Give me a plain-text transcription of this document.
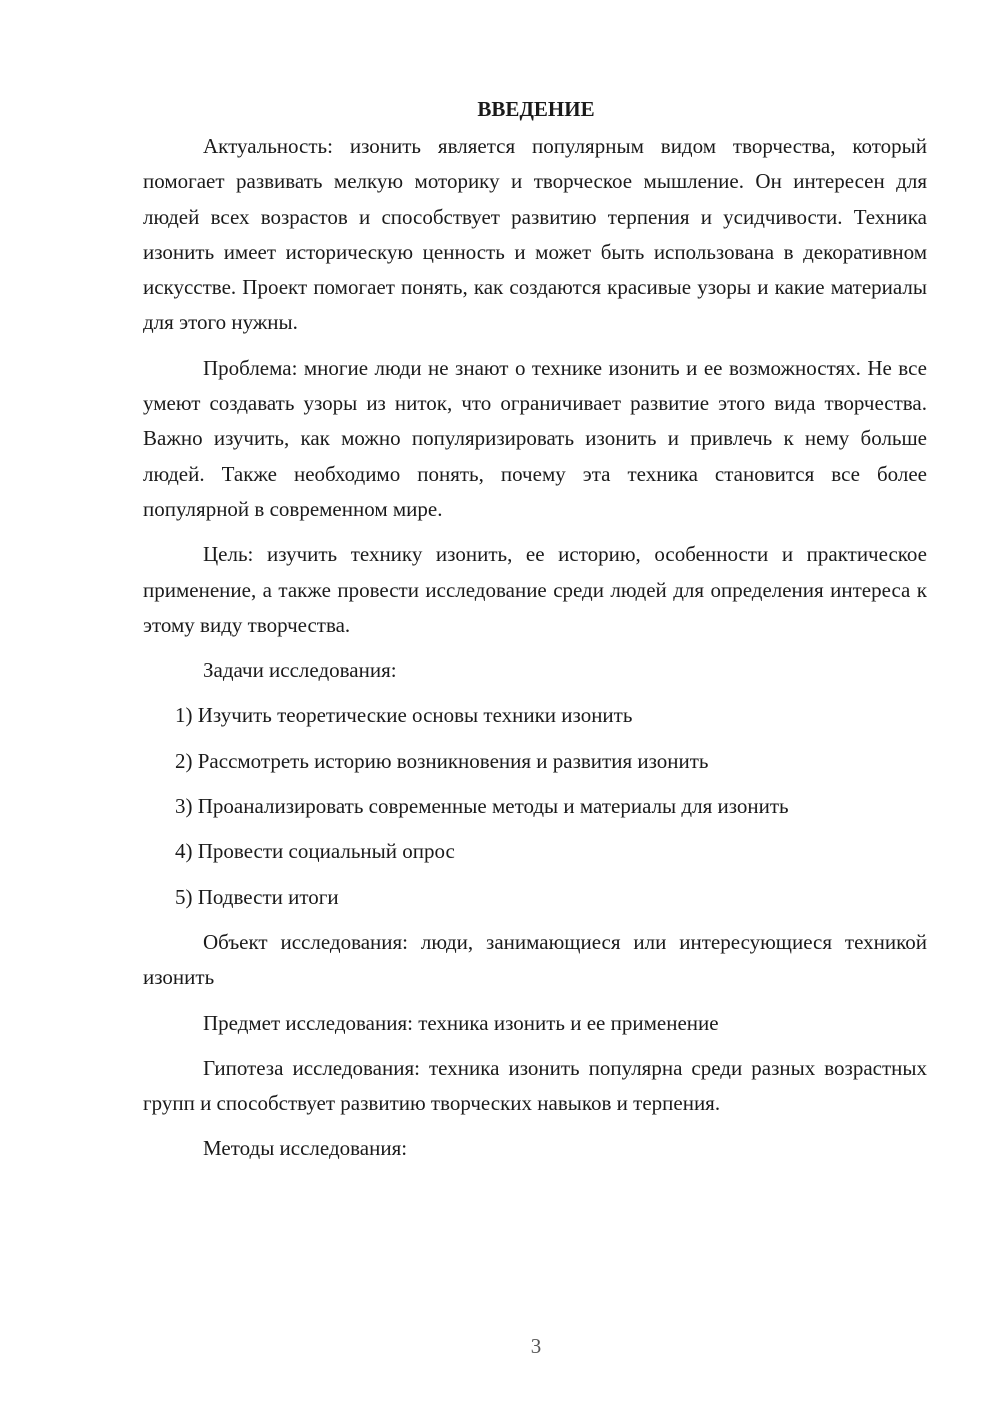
ВВЕДЕНИЕ

Актуальность: изонить является популярным видом творчества, который помогает развивать мелкую моторику и творческое мышление. Он интересен для людей всех возрастов и способствует развитию терпения и усидчивости. Техника изонить имеет историческую ценность и может быть использована в декоративном искусстве. Проект помогает понять, как создаются красивые узоры и какие материалы для этого нужны.

Проблема: многие люди не знают о технике изонить и ее возможностях. Не все умеют создавать узоры из ниток, что ограничивает развитие этого вида творчества. Важно изучить, как можно популяризировать изонить и привлечь к нему больше людей. Также необходимо понять, почему эта техника становится все более популярной в современном мире.

Цель: изучить технику изонить, ее историю, особенности и практическое применение, а также провести исследование среди людей для определения интереса к этому виду творчества.

Задачи исследования:

1) Изучить теоретические основы техники изонить
2) Рассмотреть историю возникновения и развития изонить
3) Проанализировать современные методы и материалы для изонить
4) Провести социальный опрос
5) Подвести итоги

Объект исследования: люди, занимающиеся или интересующиеся техникой изонить

Предмет исследования: техника изонить и ее применение

Гипотеза исследования: техника изонить популярна среди разных возрастных групп и способствует развитию творческих навыков и терпения.

Методы исследования:

3
